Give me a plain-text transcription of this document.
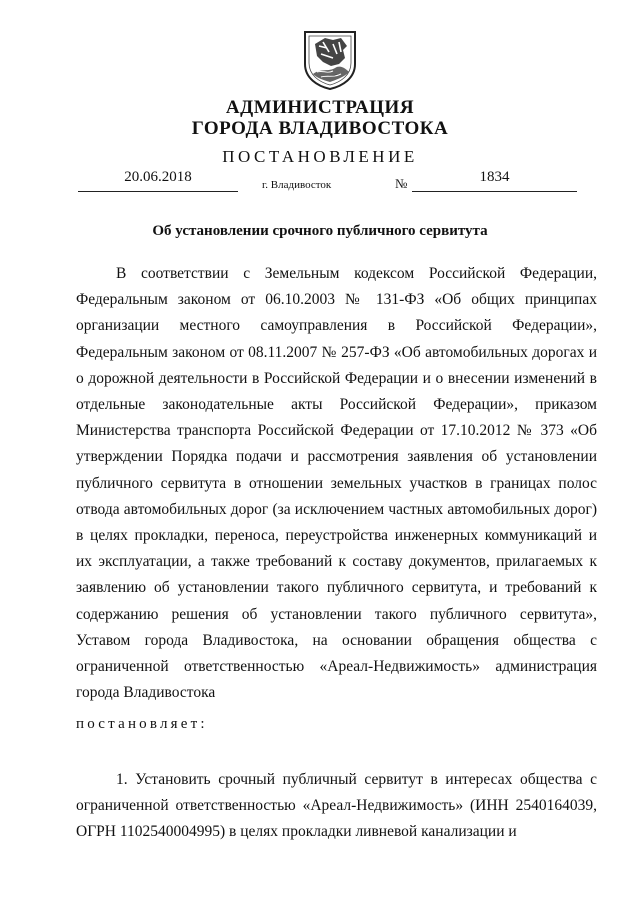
АДМИНИСТРАЦИЯ
ГОРОДА ВЛАДИВОСТОКА
ПОСТАНОВЛЕНИЕ
20.06.2018	г. Владивосток	№	1834
Об установлении срочного публичного сервитута

В соответствии с Земельным кодексом Российской Федерации, Федеральным законом от 06.10.2003 № 131-ФЗ «Об общих принципах организации местного самоуправления в Российской Федерации», Федеральным законом от 08.11.2007 № 257-ФЗ «Об автомобильных дорогах и о дорожной деятельности в Российской Федерации и о внесении изменений в отдельные законодательные акты Российской Федерации», приказом Министерства транспорта Российской Федерации от 17.10.2012 № 373 «Об утверждении Порядка подачи и рассмотрения заявления об установлении публичного сервитута в отношении земельных участков в границах полос отвода автомобильных дорог (за исключением частных автомобильных дорог) в целях прокладки, переноса, переустройства инженерных коммуникаций и их эксплуатации, а также требований к составу документов, прилагаемых к заявлению об установлении такого публичного сервитута, и требований к содержанию решения об установлении такого публичного сервитута», Уставом города Владивостока, на основании обращения общества с ограниченной ответственностью «Ареал-Недвижимость» администрация города Владивостока

постановляет:

1. Установить срочный публичный сервитут в интересах общества с ограниченной ответственностью «Ареал-Недвижимость» (ИНН 2540164039, ОГРН 1102540004995) в целях прокладки ливневой канализации и
